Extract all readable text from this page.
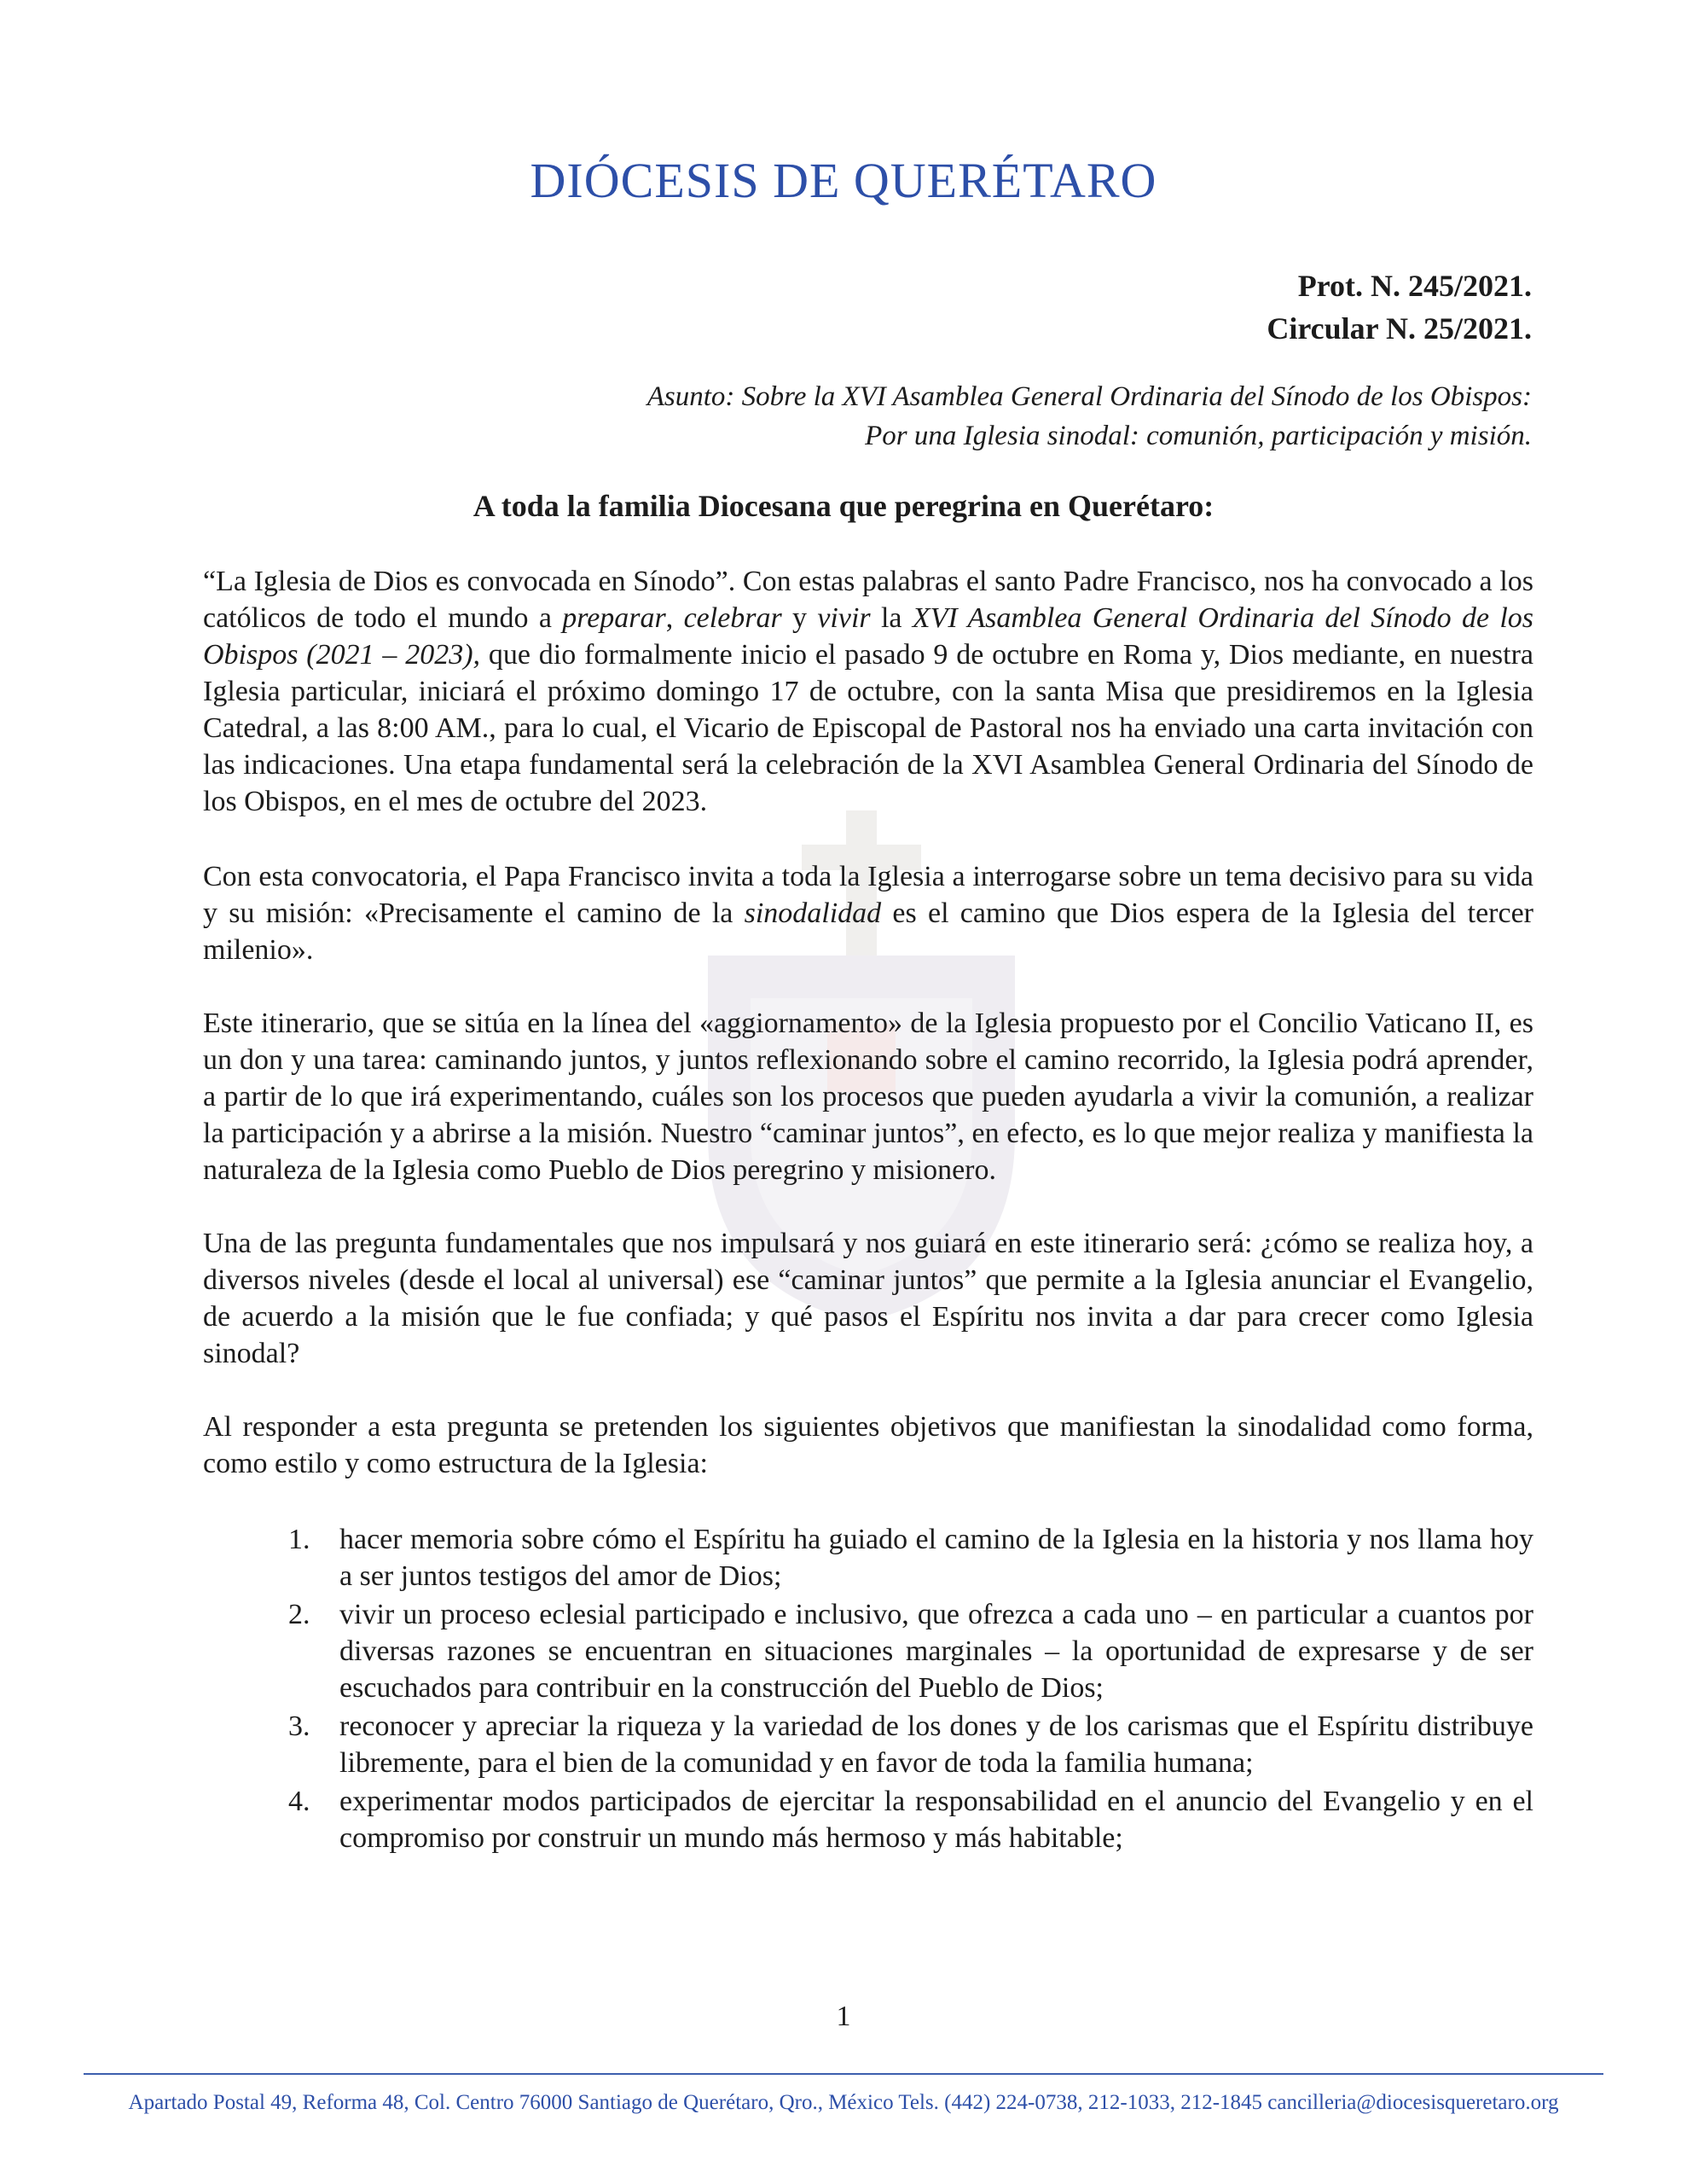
DIÓCESIS DE QUERÉTARO
Prot. N. 245/2021.
Circular N. 25/2021.
Asunto: Sobre la XVI Asamblea General Ordinaria del Sínodo de los Obispos:
Por una Iglesia sinodal: comunión, participación y misión.
A toda la familia Diocesana que peregrina en Querétaro:

“La Iglesia de Dios es convocada en Sínodo”. Con estas palabras el santo Padre Francisco, nos ha convocado a los católicos de todo el mundo a preparar, celebrar y vivir la XVI Asamblea General Ordinaria del Sínodo de los Obispos (2021 – 2023), que dio formalmente inicio el pasado 9 de octubre en Roma y, Dios mediante, en nuestra Iglesia particular, iniciará el próximo domingo 17 de octubre, con la santa Misa que presidiremos en la Iglesia Catedral, a las 8:00 AM., para lo cual, el Vicario de Episcopal de Pastoral nos ha enviado una carta invitación con las indicaciones. Una etapa fundamental será la celebración de la XVI Asamblea General Ordinaria del Sínodo de los Obispos, en el mes de octubre del 2023.

Con esta convocatoria, el Papa Francisco invita a toda la Iglesia a interrogarse sobre un tema decisivo para su vida y su misión: «Precisamente el camino de la sinodalidad es el camino que Dios espera de la Iglesia del tercer milenio».

Este itinerario, que se sitúa en la línea del «aggiornamento» de la Iglesia propuesto por el Concilio Vaticano II, es un don y una tarea: caminando juntos, y juntos reflexionando sobre el camino recorrido, la Iglesia podrá aprender, a partir de lo que irá experimentando, cuáles son los procesos que pueden ayudarla a vivir la comunión, a realizar la participación y a abrirse a la misión. Nuestro “caminar juntos”, en efecto, es lo que mejor realiza y manifiesta la naturaleza de la Iglesia como Pueblo de Dios peregrino y misionero.

Una de las pregunta fundamentales que nos impulsará y nos guiará en este itinerario será: ¿cómo se realiza hoy, a diversos niveles (desde el local al universal) ese “caminar juntos” que permite a la Iglesia anunciar el Evangelio, de acuerdo a la misión que le fue confiada; y qué pasos el Espíritu nos invita a dar para crecer como Iglesia sinodal?

Al responder a esta pregunta se pretenden los siguientes objetivos que manifiestan la sinodalidad como forma, como estilo y como estructura de la Iglesia:

1. hacer memoria sobre cómo el Espíritu ha guiado el camino de la Iglesia en la historia y nos llama hoy a ser juntos testigos del amor de Dios;
2. vivir un proceso eclesial participado e inclusivo, que ofrezca a cada uno – en particular a cuantos por diversas razones se encuentran en situaciones marginales – la oportunidad de expresarse y de ser escuchados para contribuir en la construcción del Pueblo de Dios;
3. reconocer y apreciar la riqueza y la variedad de los dones y de los carismas que el Espíritu distribuye libremente, para el bien de la comunidad y en favor de toda la familia humana;
4. experimentar modos participados de ejercitar la responsabilidad en el anuncio del Evangelio y en el compromiso por construir un mundo más hermoso y más habitable;
1
Apartado Postal 49, Reforma 48, Col. Centro 76000 Santiago de Querétaro, Qro., México Tels. (442) 224-0738, 212-1033, 212-1845 cancilleria@diocesisqueretaro.org
